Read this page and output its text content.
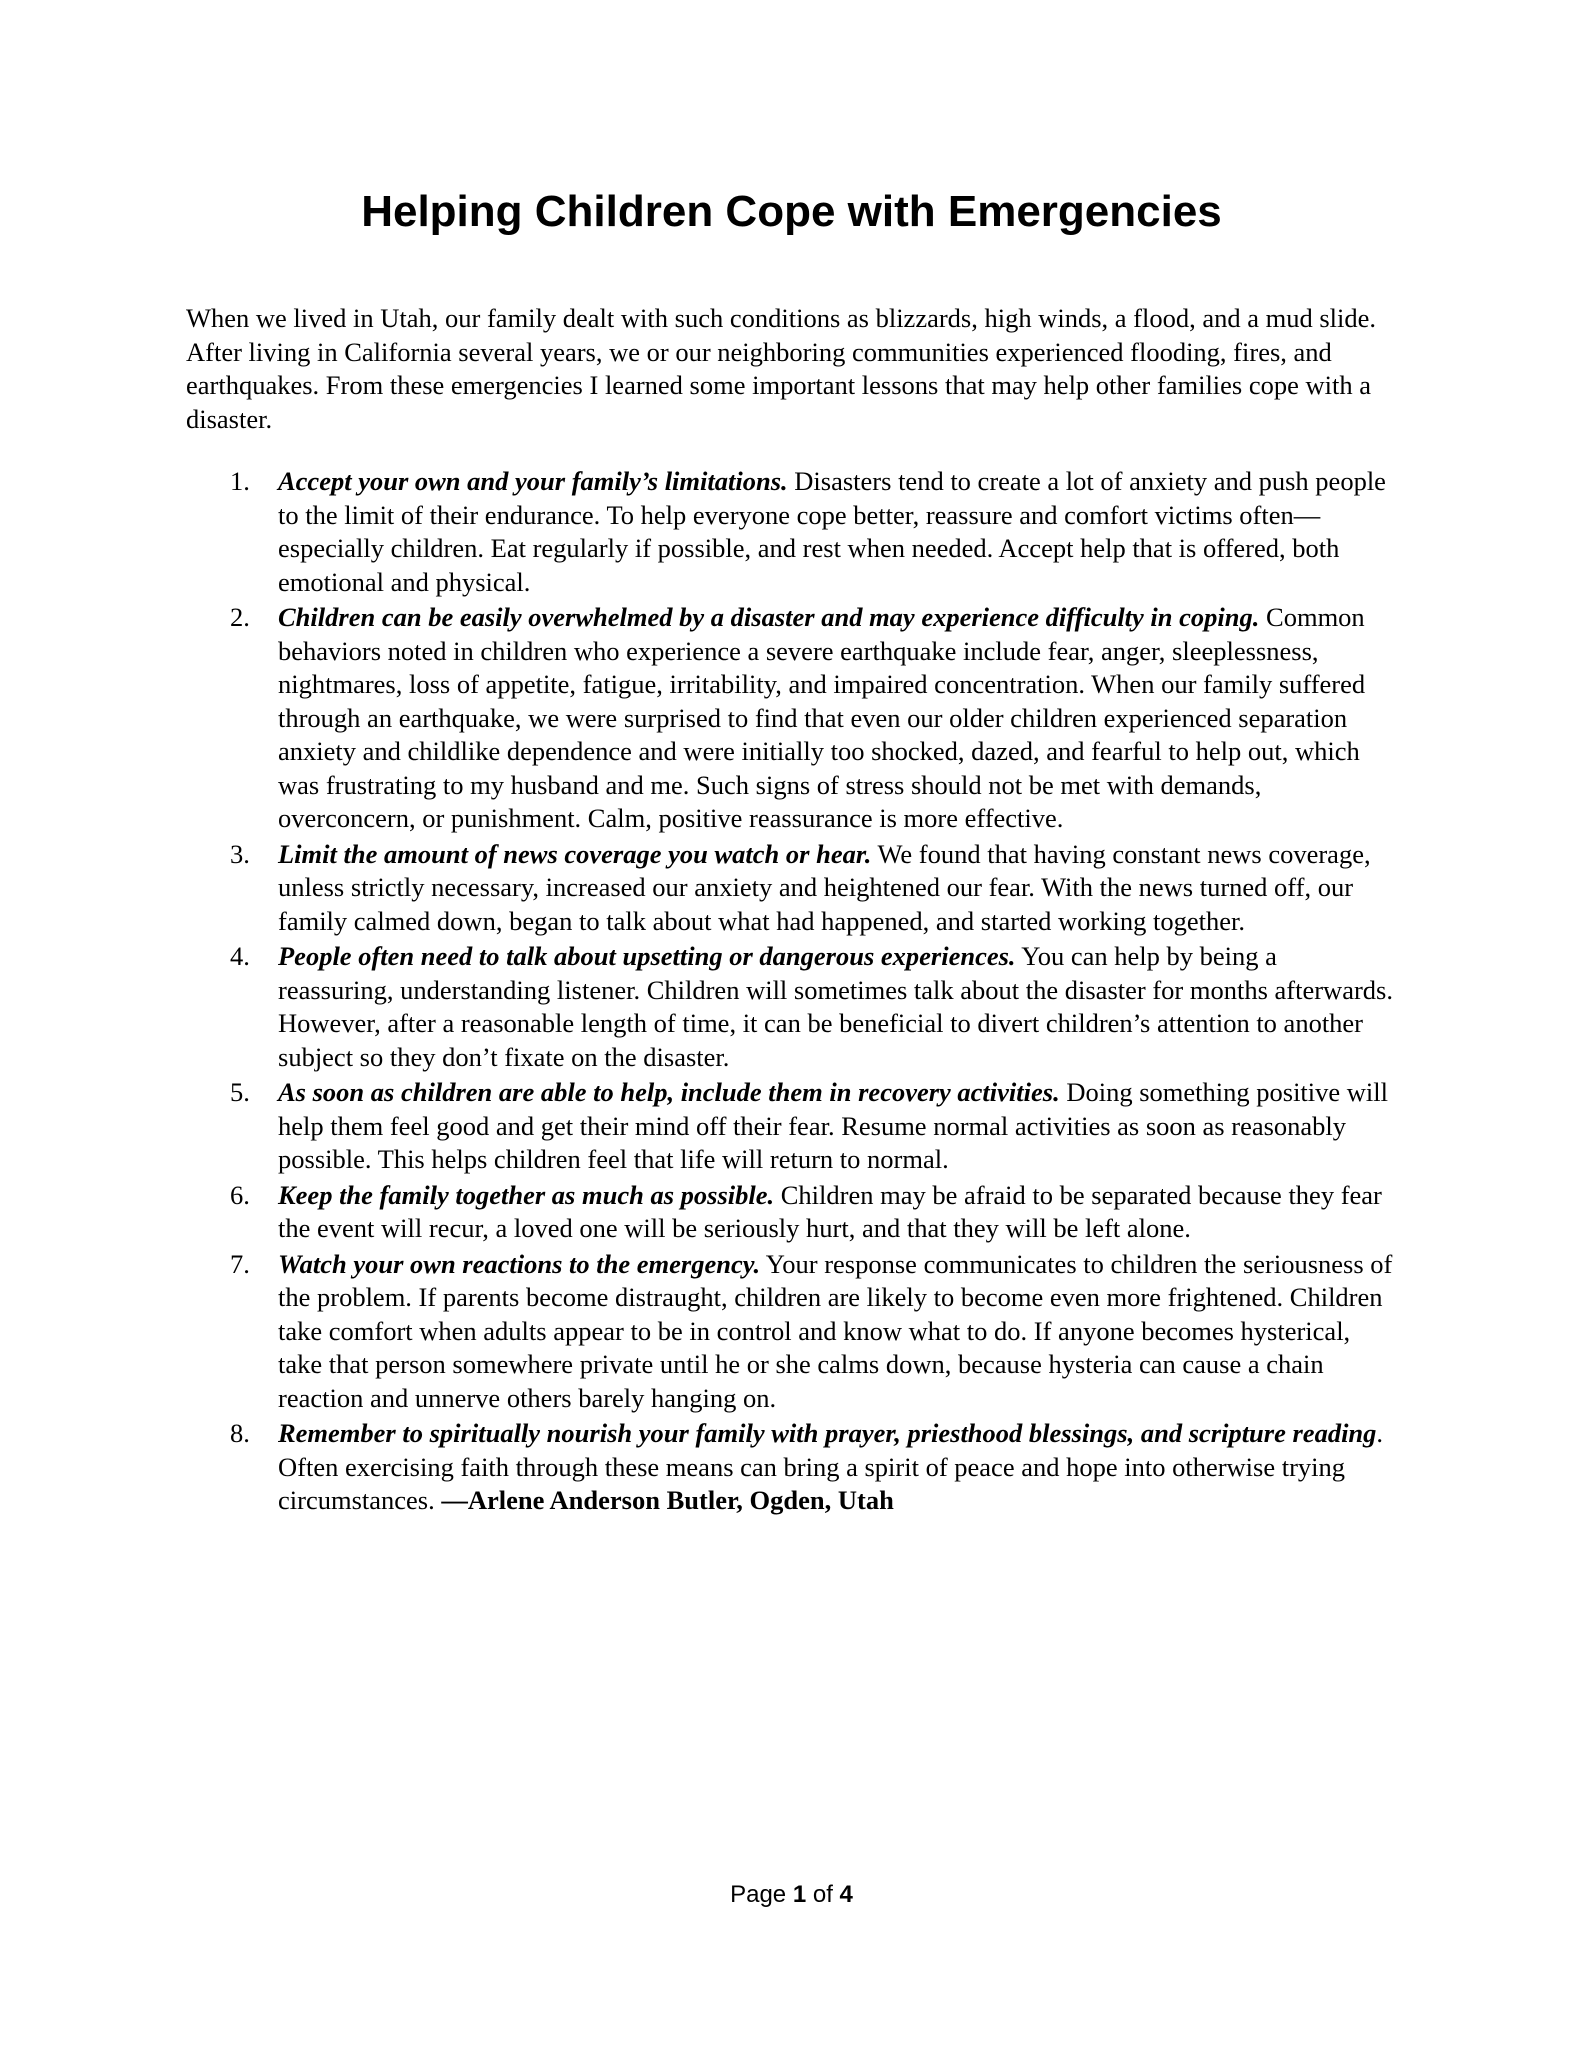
Helping Children Cope with Emergencies

When we lived in Utah, our family dealt with such conditions as blizzards, high winds, a flood, and a mud slide. After living in California several years, we or our neighboring communities experienced flooding, fires, and earthquakes. From these emergencies I learned some important lessons that may help other families cope with a disaster.

1. Accept your own and your family’s limitations. Disasters tend to create a lot of anxiety and push people to the limit of their endurance. To help everyone cope better, reassure and comfort victims often—especially children. Eat regularly if possible, and rest when needed. Accept help that is offered, both emotional and physical.
2. Children can be easily overwhelmed by a disaster and may experience difficulty in coping. Common behaviors noted in children who experience a severe earthquake include fear, anger, sleeplessness, nightmares, loss of appetite, fatigue, irritability, and impaired concentration. When our family suffered through an earthquake, we were surprised to find that even our older children experienced separation anxiety and childlike dependence and were initially too shocked, dazed, and fearful to help out, which was frustrating to my husband and me. Such signs of stress should not be met with demands, overconcern, or punishment. Calm, positive reassurance is more effective.
3. Limit the amount of news coverage you watch or hear. We found that having constant news coverage, unless strictly necessary, increased our anxiety and heightened our fear. With the news turned off, our family calmed down, began to talk about what had happened, and started working together.
4. People often need to talk about upsetting or dangerous experiences. You can help by being a reassuring, understanding listener. Children will sometimes talk about the disaster for months afterwards. However, after a reasonable length of time, it can be beneficial to divert children’s attention to another subject so they don’t fixate on the disaster.
5. As soon as children are able to help, include them in recovery activities. Doing something positive will help them feel good and get their mind off their fear. Resume normal activities as soon as reasonably possible. This helps children feel that life will return to normal.
6. Keep the family together as much as possible. Children may be afraid to be separated because they fear the event will recur, a loved one will be seriously hurt, and that they will be left alone.
7. Watch your own reactions to the emergency. Your response communicates to children the seriousness of the problem. If parents become distraught, children are likely to become even more frightened. Children take comfort when adults appear to be in control and know what to do. If anyone becomes hysterical, take that person somewhere private until he or she calms down, because hysteria can cause a chain reaction and unnerve others barely hanging on.
8. Remember to spiritually nourish your family with prayer, priesthood blessings, and scripture reading. Often exercising faith through these means can bring a spirit of peace and hope into otherwise trying circumstances. —Arlene Anderson Butler, Ogden, Utah
Page 1 of 4
